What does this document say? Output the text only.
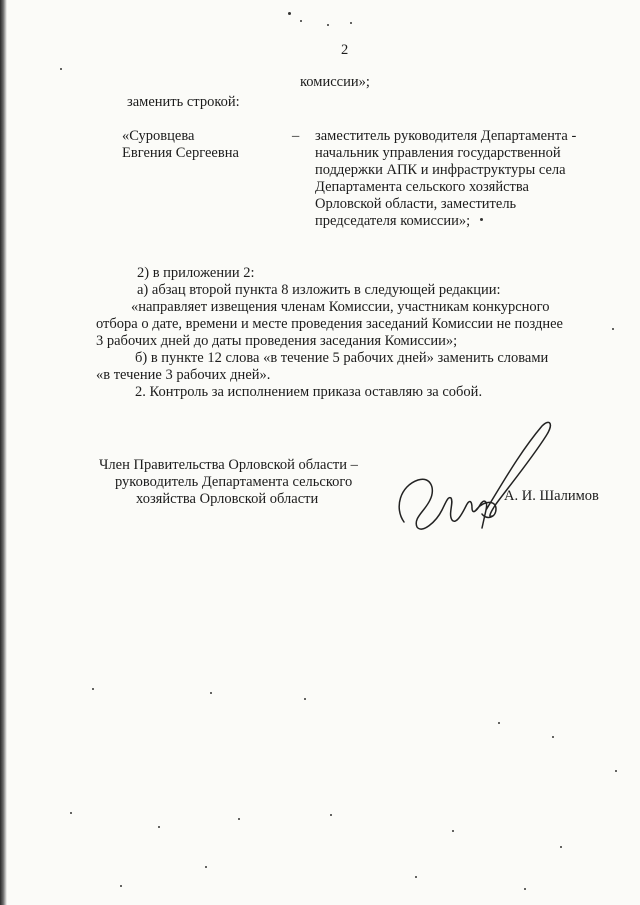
2
комиссии»;
заменить строкой:
«Суровцева
Евгения Сергеевна
– заместитель руководителя Департамента -
начальник управления государственной
поддержки АПК и инфраструктуры села
Департамента сельского хозяйства
Орловской области, заместитель
председателя комиссии»;
2) в приложении 2:
а) абзац второй пункта 8 изложить в следующей редакции:
«направляет извещения членам Комиссии, участникам конкурсного
отбора о дате, времени и месте проведения заседаний Комиссии не позднее
3 рабочих дней до даты проведения заседания Комиссии»;
б) в пункте 12 слова «в течение 5 рабочих дней» заменить словами
«в течение 3 рабочих дней».
2. Контроль за исполнением приказа оставляю за собой.
Член Правительства Орловской области –
руководитель Департамента сельского
хозяйства Орловской области	А. И. Шалимов
